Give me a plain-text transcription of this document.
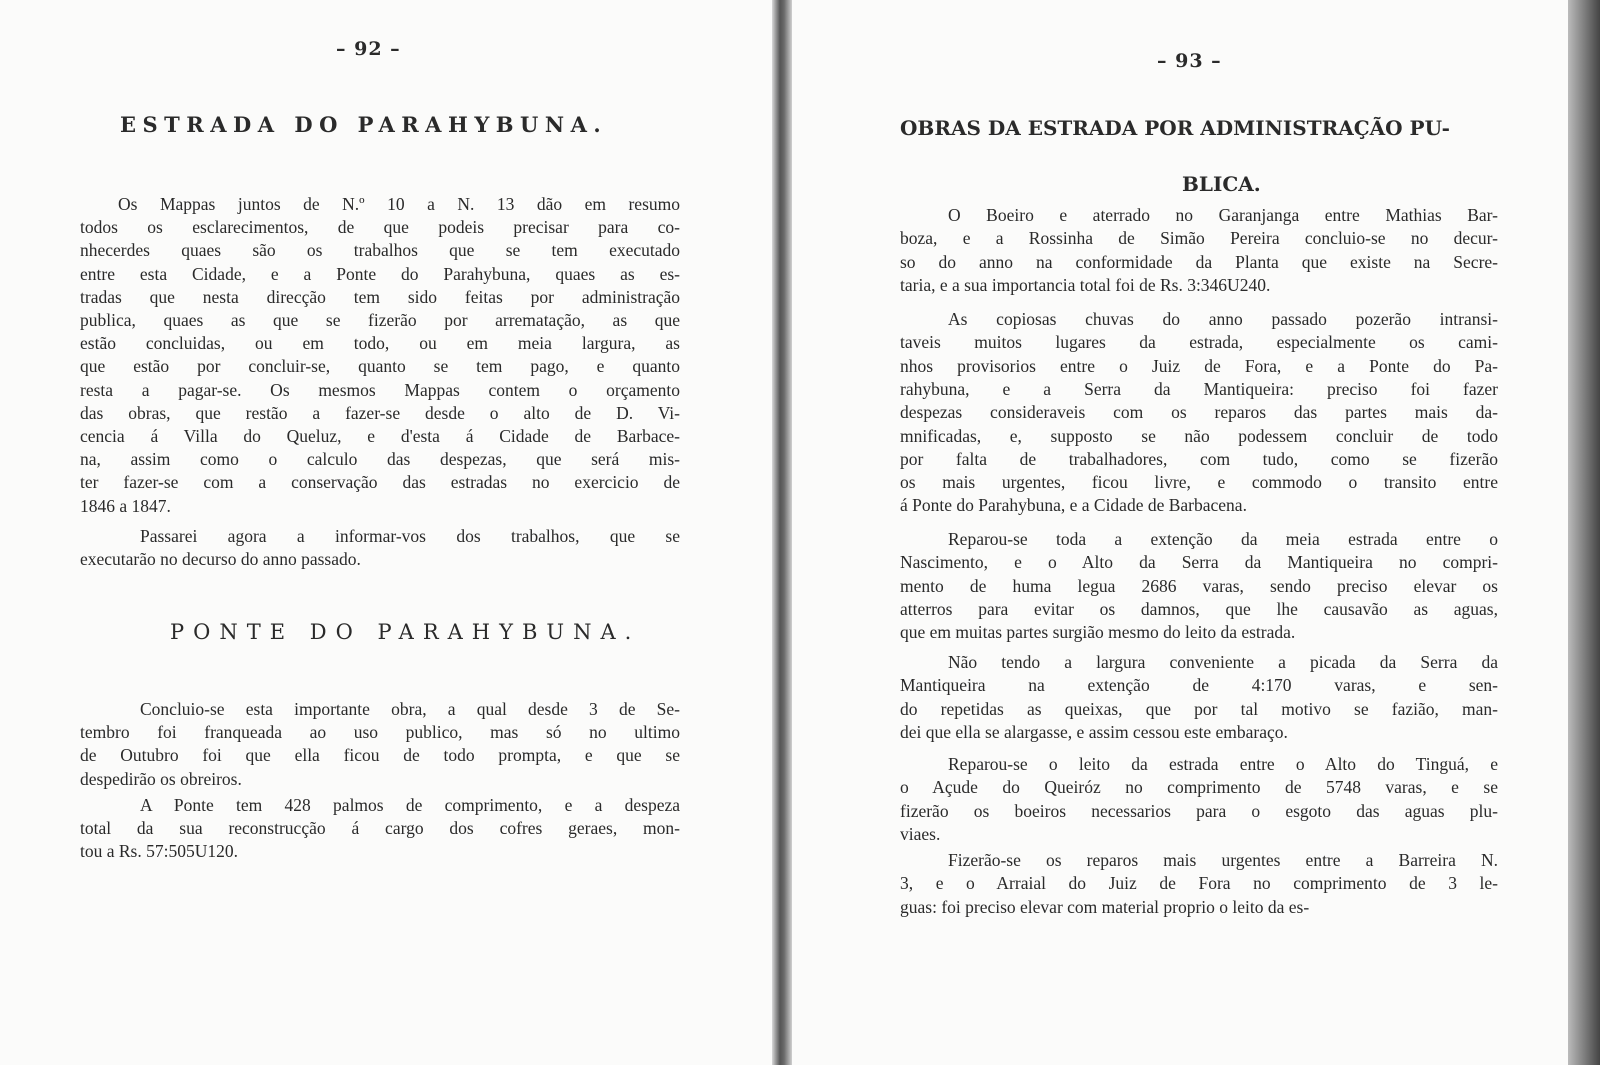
– 92 –
ESTRADA DO PARAHYBUNA.
PONTE DO PARAHYBUNA.
Os Mappas juntos de N.º 10 a N. 13 dão em resumo
todos os esclarecimentos, de que podeis precisar para co-
nhecerdes quaes são os trabalhos que se tem executado
entre esta Cidade, e a Ponte do Parahybuna, quaes as es-
tradas que nesta direcção tem sido feitas por administração
publica, quaes as que se fizerão por arrematação, as que
estão concluidas, ou em todo, ou em meia largura, as
que estão por concluir-se, quanto se tem pago, e quanto
resta a pagar-se. Os mesmos Mappas contem o orçamento
das obras, que restão a fazer-se desde o alto de D. Vi-
cencia á Villa do Queluz, e d'esta á Cidade de Barbace-
na, assim como o calculo das despezas, que será mis-
ter fazer-se com a conservação das estradas no exercicio de
1846 a 1847.
Passarei agora a informar-vos dos trabalhos, que se
executarão no decurso do anno passado.
Concluio-se esta importante obra, a qual desde 3 de Se-
tembro foi franqueada ao uso publico, mas só no ultimo
de Outubro foi que ella ficou de todo prompta, e que se
despedirão os obreiros.
A Ponte tem 428 palmos de comprimento, e a despeza
total da sua reconstrucção á cargo dos cofres geraes, mon-
tou a Rs. 57:505U120.
– 93 –
OBRAS DA ESTRADA POR ADMINISTRAÇÃO PU-
BLICA.
O Boeiro e aterrado no Garanjanga entre Mathias Bar-
boza, e a Rossinha de Simão Pereira concluio-se no decur-
so do anno na conformidade da Planta que existe na Secre-
taria, e a sua importancia total foi de Rs. 3:346U240.
As copiosas chuvas do anno passado pozerão intransi-
taveis muitos lugares da estrada, especialmente os cami-
nhos provisorios entre o Juiz de Fora, e a Ponte do Pa-
rahybuna, e a Serra da Mantiqueira: preciso foi fazer
despezas consideraveis com os reparos das partes mais da-
mnificadas, e, supposto se não podessem concluir de todo
por falta de trabalhadores, com tudo, como se fizerão
os mais urgentes, ficou livre, e commodo o transito entre
á Ponte do Parahybuna, e a Cidade de Barbacena.
Reparou-se toda a extenção da meia estrada entre o
Nascimento, e o Alto da Serra da Mantiqueira no compri-
mento de huma legua 2686 varas, sendo preciso elevar os
atterros para evitar os damnos, que lhe causavão as aguas,
que em muitas partes surgião mesmo do leito da estrada.
Não tendo a largura conveniente a picada da Serra da
Mantiqueira na extenção de 4:170 varas, e sen-
do repetidas as queixas, que por tal motivo se fazião, man-
dei que ella se alargasse, e assim cessou este embaraço.
Reparou-se o leito da estrada entre o Alto do Tinguá, e
o Açude do Queiróz no comprimento de 5748 varas, e se
fizerão os boeiros necessarios para o esgoto das aguas plu-
viaes.
Fizerão-se os reparos mais urgentes entre a Barreira N.
3, e o Arraial do Juiz de Fora no comprimento de 3 le-
guas: foi preciso elevar com material proprio o leito da es-
